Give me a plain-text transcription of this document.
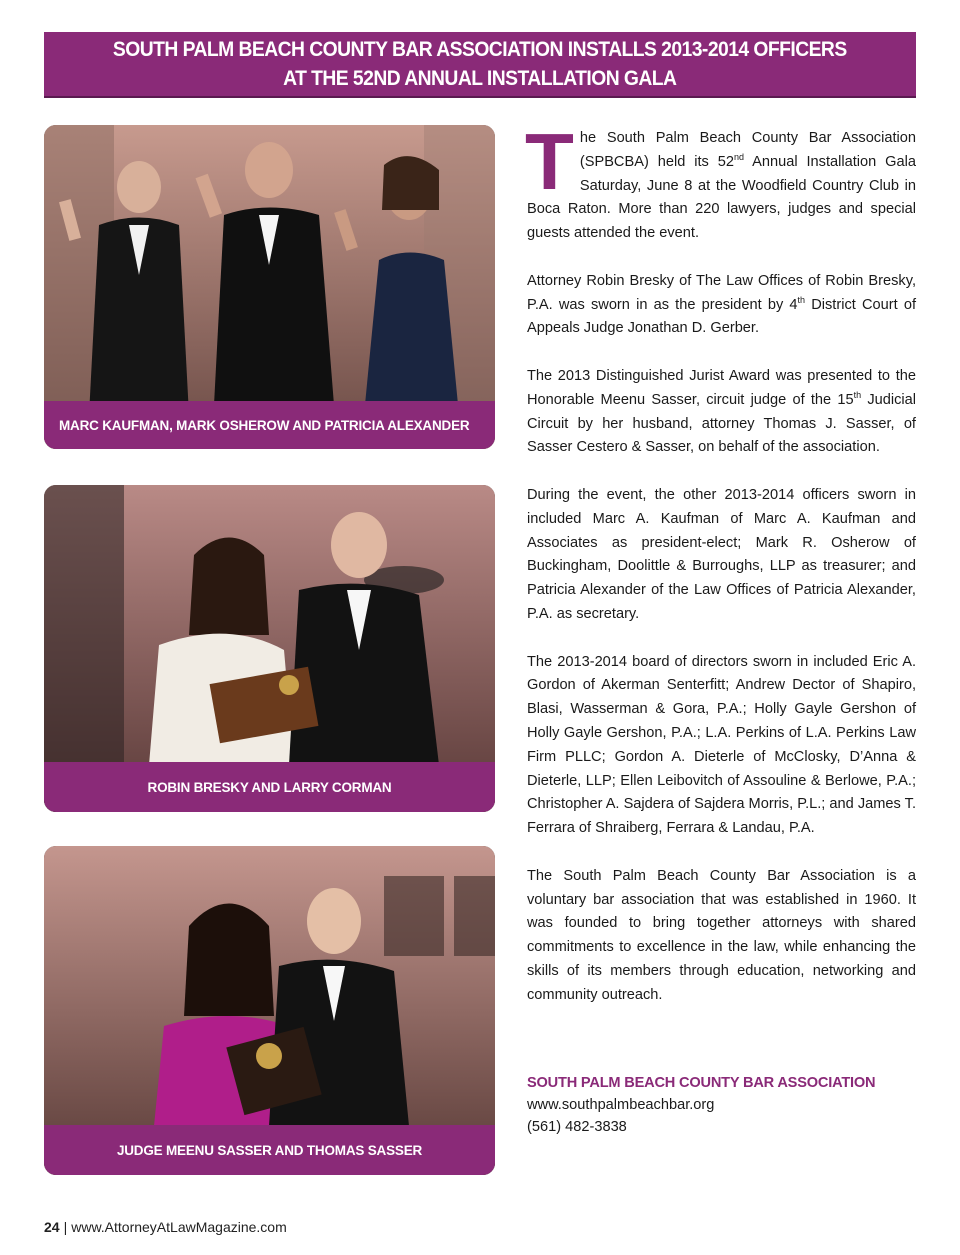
SOUTH PALM BEACH COUNTY BAR ASSOCIATION INSTALLS 2013-2014 OFFICERS
AT THE 52ND ANNUAL INSTALLATION GALA
MARC KAUFMAN, MARK OSHEROW AND PATRICIA ALEXANDER
ROBIN BRESKY AND LARRY CORMAN
JUDGE MEENU SASSER AND THOMAS SASSER

The South Palm Beach County Bar Association (SPBCBA) held its 52nd Annual Installation Gala Saturday, June 8 at the Woodfield Country Club in Boca Raton. More than 220 lawyers, judges and special guests attended the event.

Attorney Robin Bresky of The Law Offices of Robin Bresky, P.A. was sworn in as the president by 4th District Court of Appeals Judge Jonathan D. Gerber.

The 2013 Distinguished Jurist Award was presented to the Honorable Meenu Sasser, circuit judge of the 15th Judicial Circuit by her husband, attorney Thomas J. Sasser, of Sasser Cestero & Sasser, on behalf of the association.

During the event, the other 2013-2014 officers sworn in included Marc A. Kaufman of Marc A. Kaufman and Associates as president-elect; Mark R. Osherow of Buckingham, Doolittle & Burroughs, LLP as treasurer; and Patricia Alexander of the Law Offices of Patricia Alexander, P.A. as secretary.

The 2013-2014 board of directors sworn in included Eric A. Gordon of Akerman Senterfitt; Andrew Dector of Shapiro, Blasi, Wasserman & Gora, P.A.; Holly Gayle Gershon of Holly Gayle Gershon, P.A.; L.A. Perkins of L.A. Perkins Law Firm PLLC; Gordon A. Dieterle of McClosky, D’Anna & Dieterle, LLP; Ellen Leibovitch of Assouline & Berlowe, P.A.; Christopher A. Sajdera of Sajdera Morris, P.L.; and James T. Ferrara of Shraiberg, Ferrara & Landau, P.A.

The South Palm Beach County Bar Association is a voluntary bar association that was established in 1960. It was founded to bring together attorneys with shared commitments to excellence in the law, while enhancing the skills of its members through education, networking and community outreach.

SOUTH PALM BEACH COUNTY BAR ASSOCIATION
www.southpalmbeachbar.org
(561) 482-3838
24 | www.AttorneyAtLawMagazine.com
